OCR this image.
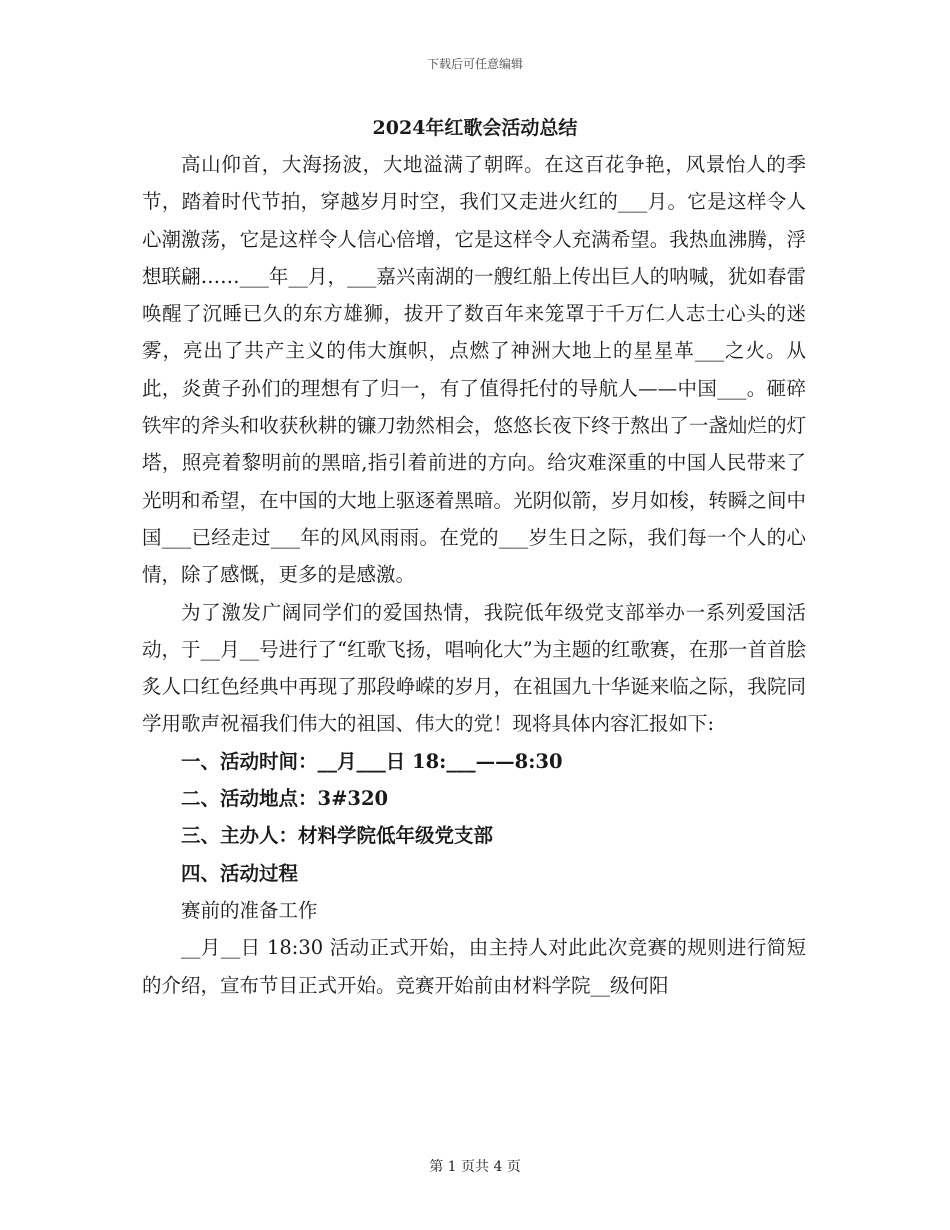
下载后可任意编辑
2024年红歌会活动总结

高山仰首，大海扬波，大地溢满了朝晖。在这百花争艳，风景怡人的季节，踏着时代节拍，穿越岁月时空，我们又走进火红的___月。它是这样令人心潮激荡，它是这样令人信心倍增，它是这样令人充满希望。我热血沸腾，浮想联翩……___年__月，___嘉兴南湖的一艘红船上传出巨人的呐喊，犹如春雷唤醒了沉睡已久的东方雄狮，拔开了数百年来笼罩于千万仁人志士心头的迷雾，亮出了共产主义的伟大旗帜，点燃了神洲大地上的星星革___之火。从此，炎黄子孙们的理想有了归一，有了值得托付的导航人——中国___。砸碎铁牢的斧头和收获秋耕的镰刀勃然相会，悠悠长夜下终于熬出了一盏灿烂的灯塔，照亮着黎明前的黑暗,指引着前进的方向。给灾难深重的中国人民带来了光明和希望，在中国的大地上驱逐着黑暗。光阴似箭，岁月如梭，转瞬之间中国___已经走过___年的风风雨雨。在党的___岁生日之际，我们每一个人的心情，除了感慨，更多的是感激。

为了激发广阔同学们的爱国热情，我院低年级党支部举办一系列爱国活动，于__月__号进行了“红歌飞扬，唱响化大”为主题的红歌赛，在那一首首脍炙人口红色经典中再现了那段峥嵘的岁月，在祖国九十华诞来临之际，我院同学用歌声祝福我们伟大的祖国、伟大的党！现将具体内容汇报如下:

一、活动时间：__月___日 18:___——8:30

二、活动地点：3#320

三、主办人：材料学院低年级党支部

四、活动过程

赛前的准备工作

__月__日 18:30 活动正式开始，由主持人对此此次竞赛的规则进行简短的介绍，宣布节目正式开始。竞赛开始前由材料学院__级何阳

第 1 页共 4 页
